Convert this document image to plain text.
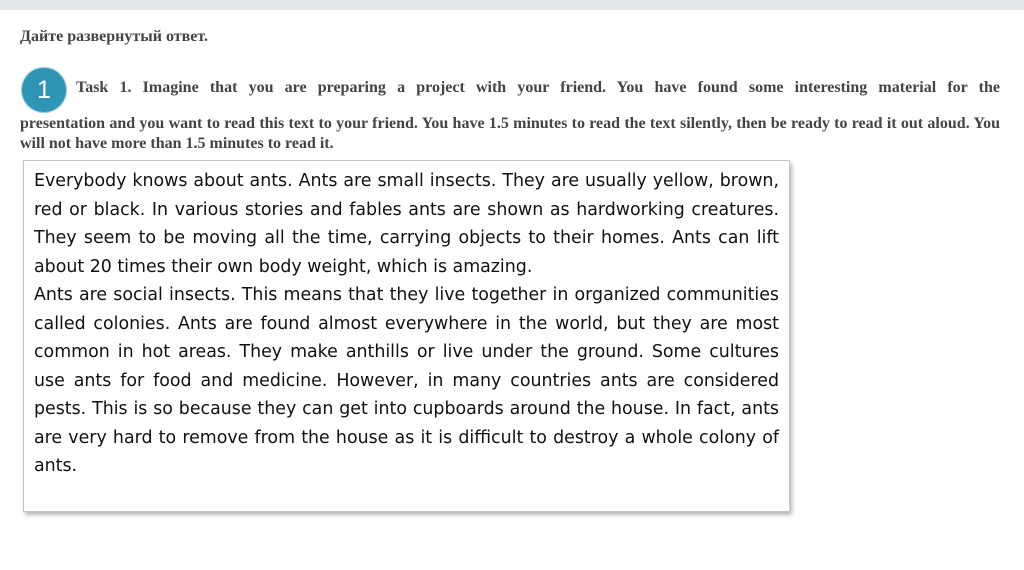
Дайте развернутый ответ.
1	Task 1. Imagine that you are preparing a project with your friend. You have found some interesting material for the
presentation and you want to read this text to your friend. You have 1.5 minutes to read the text silently, then be ready to read it out aloud. You will not have more than 1.5 minutes to read it.

Everybody knows about ants. Ants are small insects. They are usually yellow, brown, red or black. In various stories and fables ants are shown as hardworking creatures. They seem to be moving all the time, carrying objects to their homes. Ants can lift about 20 times their own body weight, which is amazing.

Ants are social insects. This means that they live together in organized communities called colonies. Ants are found almost everywhere in the world, but they are most common in hot areas. They make anthills or live under the ground. Some cultures use ants for food and medicine. However, in many countries ants are considered pests. This is so because they can get into cupboards around the house. In fact, ants are very hard to remove from the house as it is difficult to destroy a whole colony of ants.
